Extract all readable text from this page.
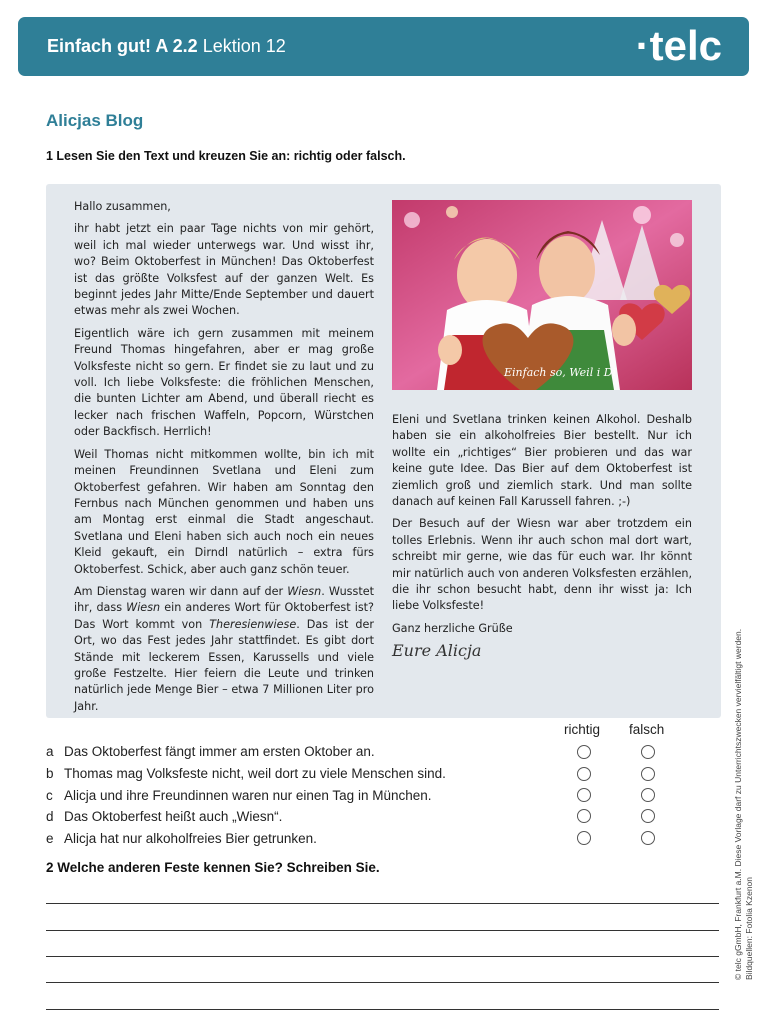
Einfach gut! A 2.2 Lektion 12	·telc
Alicjas Blog
1 Lesen Sie den Text und kreuzen Sie an: richtig oder falsch.

Hallo zusammen,

ihr habt jetzt ein paar Tage nichts von mir gehört, weil ich mal wieder unterwegs war. Und wisst ihr, wo? Beim Oktoberfest in München! Das Oktoberfest ist das größte Volksfest auf der ganzen Welt. Es beginnt jedes Jahr Mitte/Ende September und dauert etwas mehr als zwei Wochen.

Eigentlich wäre ich gern zusammen mit meinem Freund Thomas hingefahren, aber er mag große Volksfeste nicht so gern. Er findet sie zu laut und zu voll. Ich liebe Volksfeste: die fröhlichen Menschen, die bunten Lichter am Abend, und überall riecht es lecker nach frischen Waffeln, Popcorn, Würstchen oder Backfisch. Herrlich!

Weil Thomas nicht mitkommen wollte, bin ich mit meinen Freundinnen Svetlana und Eleni zum Oktoberfest gefahren. Wir haben am Sonntag den Fernbus nach München genommen und haben uns am Montag erst einmal die Stadt angeschaut. Svetlana und Eleni haben sich auch noch ein neues Kleid gekauft, ein Dirndl natürlich – extra fürs Oktoberfest. Schick, aber auch ganz schön teuer.

Am Dienstag waren wir dann auf der Wiesn. Wusstet ihr, dass Wiesn ein anderes Wort für Oktoberfest ist? Das Wort kommt von Theresienwiese. Das ist der Ort, wo das Fest jedes Jahr stattfindet. Es gibt dort Stände mit leckerem Essen, Karussells und viele große Festzelte. Hier feiern die Leute und trinken natürlich jede Menge Bier – etwa 7 Millionen Liter pro Jahr.

Einfach so, Weil i Di

Eleni und Svetlana trinken keinen Alkohol. Deshalb haben sie ein alkoholfreies Bier bestellt. Nur ich wollte ein „richtiges“ Bier probieren und das war keine gute Idee. Das Bier auf dem Oktoberfest ist ziemlich groß und ziemlich stark. Und man sollte danach auf keinen Fall Karussell fahren. ;-)

Der Besuch auf der Wiesn war aber trotzdem ein tolles Erlebnis. Wenn ihr auch schon mal dort wart, schreibt mir gerne, wie das für euch war. Ihr könnt mir natürlich auch von anderen Volksfesten erzählen, die ihr schon besucht habt, denn ihr wisst ja: Ich liebe Volksfeste!

Ganz herzliche Grüße

Eure Alicja
richtig falsch
a Das Oktoberfest fängt immer am ersten Oktober an.
b Thomas mag Volksfeste nicht, weil dort zu viele Menschen sind.
c Alicja und ihre Freundinnen waren nur einen Tag in München.
d Das Oktoberfest heißt auch „Wiesn“.
e Alicja hat nur alkoholfreies Bier getrunken.
2 Welche anderen Feste kennen Sie? Schreiben Sie.	© telc gGmbH, Frankfurt a.M. Diese Vorlage darf zu Unterrichtszwecken vervielfältigt werden. Bildquellen: Fotolia Kzenon
